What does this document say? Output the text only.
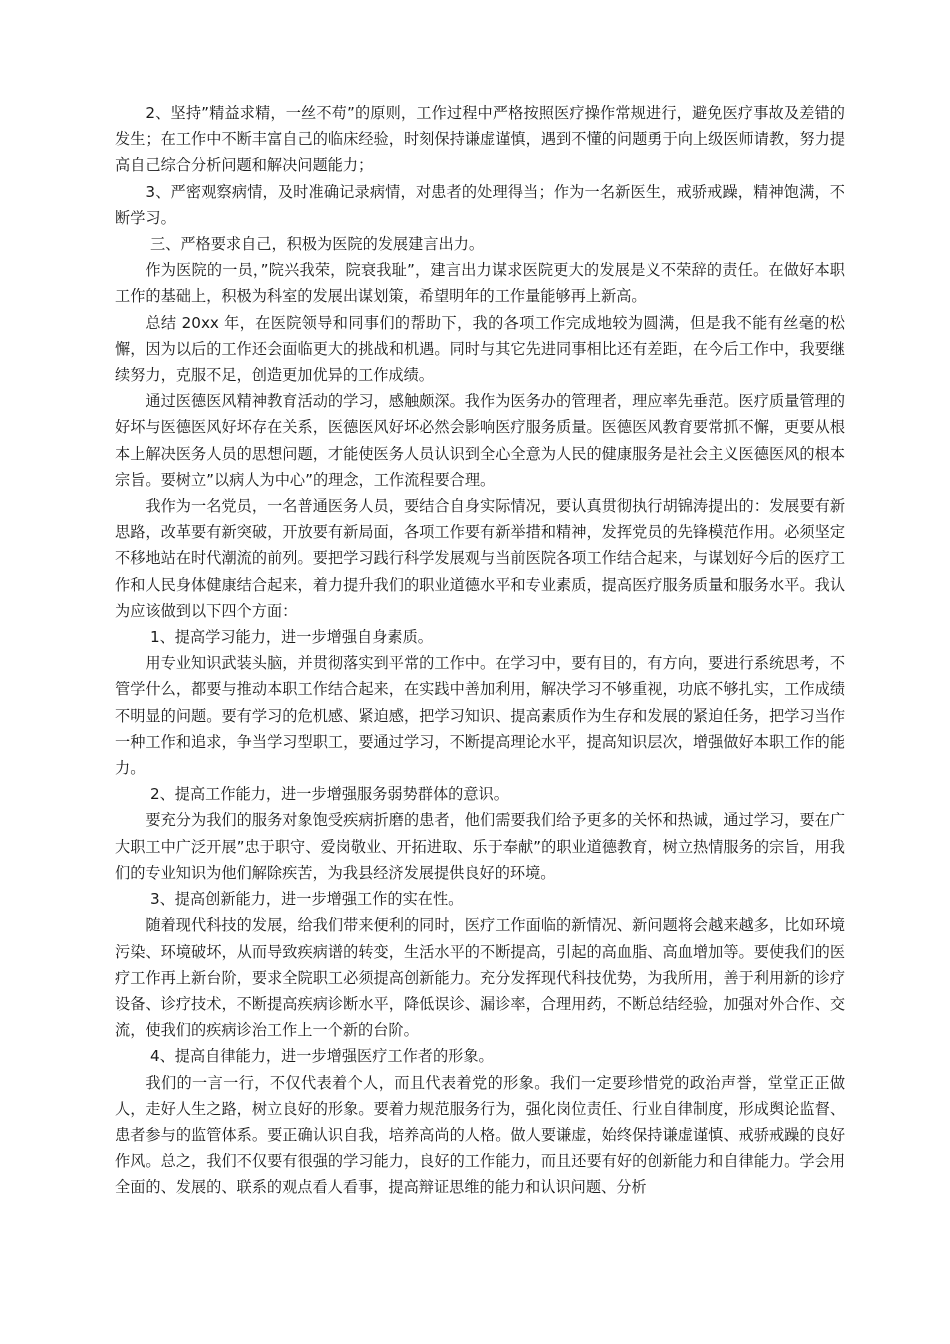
2、坚持”精益求精，一丝不苟”的原则，工作过程中严格按照医疗操作常规进行，避免医疗事故及差错的发生；在工作中不断丰富自己的临床经验，时刻保持谦虚谨慎，遇到不懂的问题勇于向上级医师请教，努力提高自己综合分析问题和解决问题能力；

3、严密观察病情，及时准确记录病情，对患者的处理得当；作为一名新医生，戒骄戒躁，精神饱满，不断学习。

三、严格要求自己，积极为医院的发展建言出力。

作为医院的一员，”院兴我荣，院衰我耻”，建言出力谋求医院更大的发展是义不荣辞的责任。在做好本职工作的基础上，积极为科室的发展出谋划策，希望明年的工作量能够再上新高。

总结 20xx 年，在医院领导和同事们的帮助下，我的各项工作完成地较为圆满，但是我不能有丝毫的松懈，因为以后的工作还会面临更大的挑战和机遇。同时与其它先进同事相比还有差距，在今后工作中，我要继续努力，克服不足，创造更加优异的工作成绩。

通过医德医风精神教育活动的学习，感触颇深。我作为医务办的管理者，理应率先垂范。医疗质量管理的好坏与医德医风好坏存在关系，医德医风好坏必然会影响医疗服务质量。医德医风教育要常抓不懈，更要从根本上解决医务人员的思想问题，才能使医务人员认识到全心全意为人民的健康服务是社会主义医德医风的根本宗旨。要树立”以病人为中心”的理念，工作流程要合理。

我作为一名党员，一名普通医务人员，要结合自身实际情况，要认真贯彻执行胡锦涛提出的：发展要有新思路，改革要有新突破，开放要有新局面，各项工作要有新举措和精神，发挥党员的先锋模范作用。必须坚定不移地站在时代潮流的前列。要把学习践行科学发展观与当前医院各项工作结合起来，与谋划好今后的医疗工作和人民身体健康结合起来，着力提升我们的职业道德水平和专业素质，提高医疗服务质量和服务水平。我认为应该做到以下四个方面：

1、提高学习能力，进一步增强自身素质。

用专业知识武装头脑，并贯彻落实到平常的工作中。在学习中，要有目的，有方向，要进行系统思考，不管学什么，都要与推动本职工作结合起来，在实践中善加利用，解决学习不够重视，功底不够扎实，工作成绩不明显的问题。要有学习的危机感、紧迫感，把学习知识、提高素质作为生存和发展的紧迫任务，把学习当作一种工作和追求，争当学习型职工，要通过学习，不断提高理论水平，提高知识层次，增强做好本职工作的能力。

2、提高工作能力，进一步增强服务弱势群体的意识。

要充分为我们的服务对象饱受疾病折磨的患者，他们需要我们给予更多的关怀和热诚，通过学习，要在广大职工中广泛开展”忠于职守、爱岗敬业、开拓进取、乐于奉献”的职业道德教育，树立热情服务的宗旨，用我们的专业知识为他们解除疾苦，为我县经济发展提供良好的环境。

3、提高创新能力，进一步增强工作的实在性。

随着现代科技的发展，给我们带来便利的同时，医疗工作面临的新情况、新问题将会越来越多，比如环境污染、环境破坏，从而导致疾病谱的转变，生活水平的不断提高，引起的高血脂、高血增加等。要使我们的医疗工作再上新台阶，要求全院职工必须提高创新能力。充分发挥现代科技优势，为我所用，善于利用新的诊疗设备、诊疗技术，不断提高疾病诊断水平，降低误诊、漏诊率，合理用药，不断总结经验，加强对外合作、交流，使我们的疾病诊治工作上一个新的台阶。

4、提高自律能力，进一步增强医疗工作者的形象。

我们的一言一行，不仅代表着个人，而且代表着党的形象。我们一定要珍惜党的政治声誉，堂堂正正做人，走好人生之路，树立良好的形象。要着力规范服务行为，强化岗位责任、行业自律制度，形成舆论监督、患者参与的监管体系。要正确认识自我，培养高尚的人格。做人要谦虚，始终保持谦虚谨慎、戒骄戒躁的良好作风。总之，我们不仅要有很强的学习能力，良好的工作能力，而且还要有好的创新能力和自律能力。学会用全面的、发展的、联系的观点看人看事，提高辩证思维的能力和认识问题、分析
